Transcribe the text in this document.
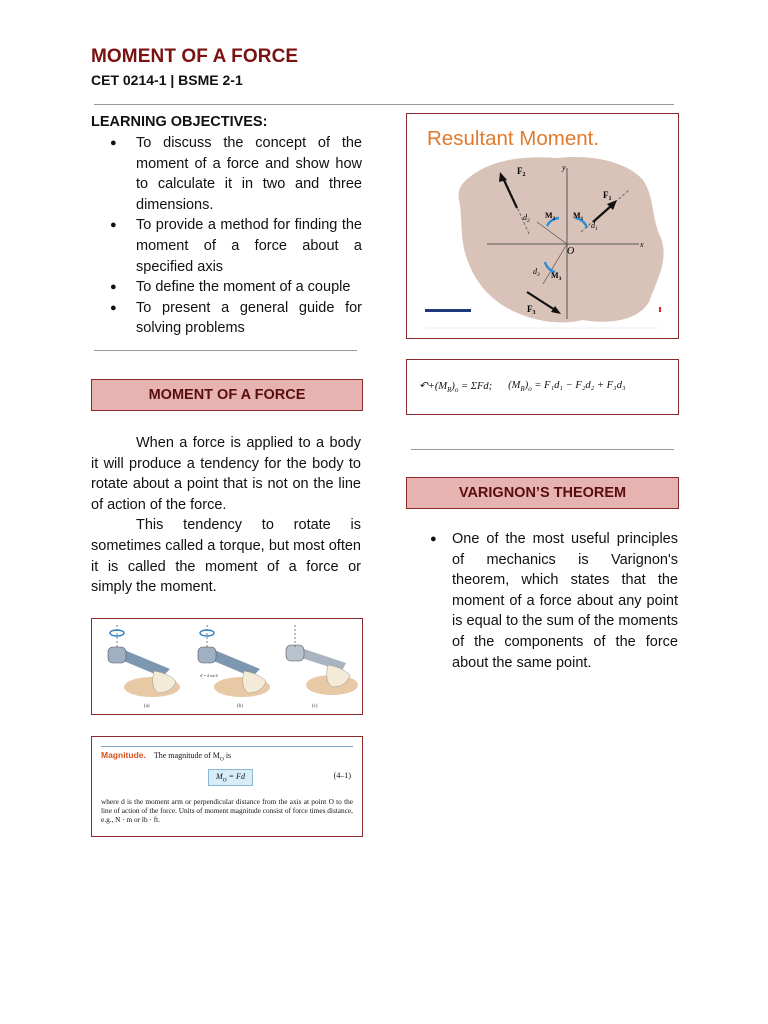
MOMENT OF A FORCE
CET 0214-1 | BSME 2-1
LEARNING OBJECTIVES:
● To discuss the concept of the moment of a force and show how to calculate it in two and three dimensions.
● To provide a method for finding the moment of a force about a specified axis
● To define the moment of a couple
● To present a general guide for solving problems
MOMENT OF A FORCE

When a force is applied to a body it will produce a tendency for the body to rotate about a point that is not on the line of action of the force.

This tendency to rotate is sometimes called a torque, but most often it is called the moment of a force or simply the moment.

(a)
d' = d sin θ
(b)	(c)
Magnitude. The magnitude of $M_O$ is
$M_O = Fd$	(4–1)
where d is the moment arm or perpendicular distance from the axis at point O to the line of action of the force. Units of moment magnitude consist of force times distance, e.g., N · m or lb · ft.
Resultant Moment.
x
y
O
$F_2$
$F_1$
$F_3$
$M_2$ $M_1$
$M_3$
$d_2$	$d_1$
$d_3$
$↶+(M_R)_o = \Sigma Fd$; $(M_R)_o = F_1d_1 - F_2d_2 + F_3d_3$
VARIGNON’S THEOREM
● One of the most useful principles of mechanics is Varignon's theorem, which states that the moment of a force about any point is equal to the sum of the moments of the components of the force about the same point.
